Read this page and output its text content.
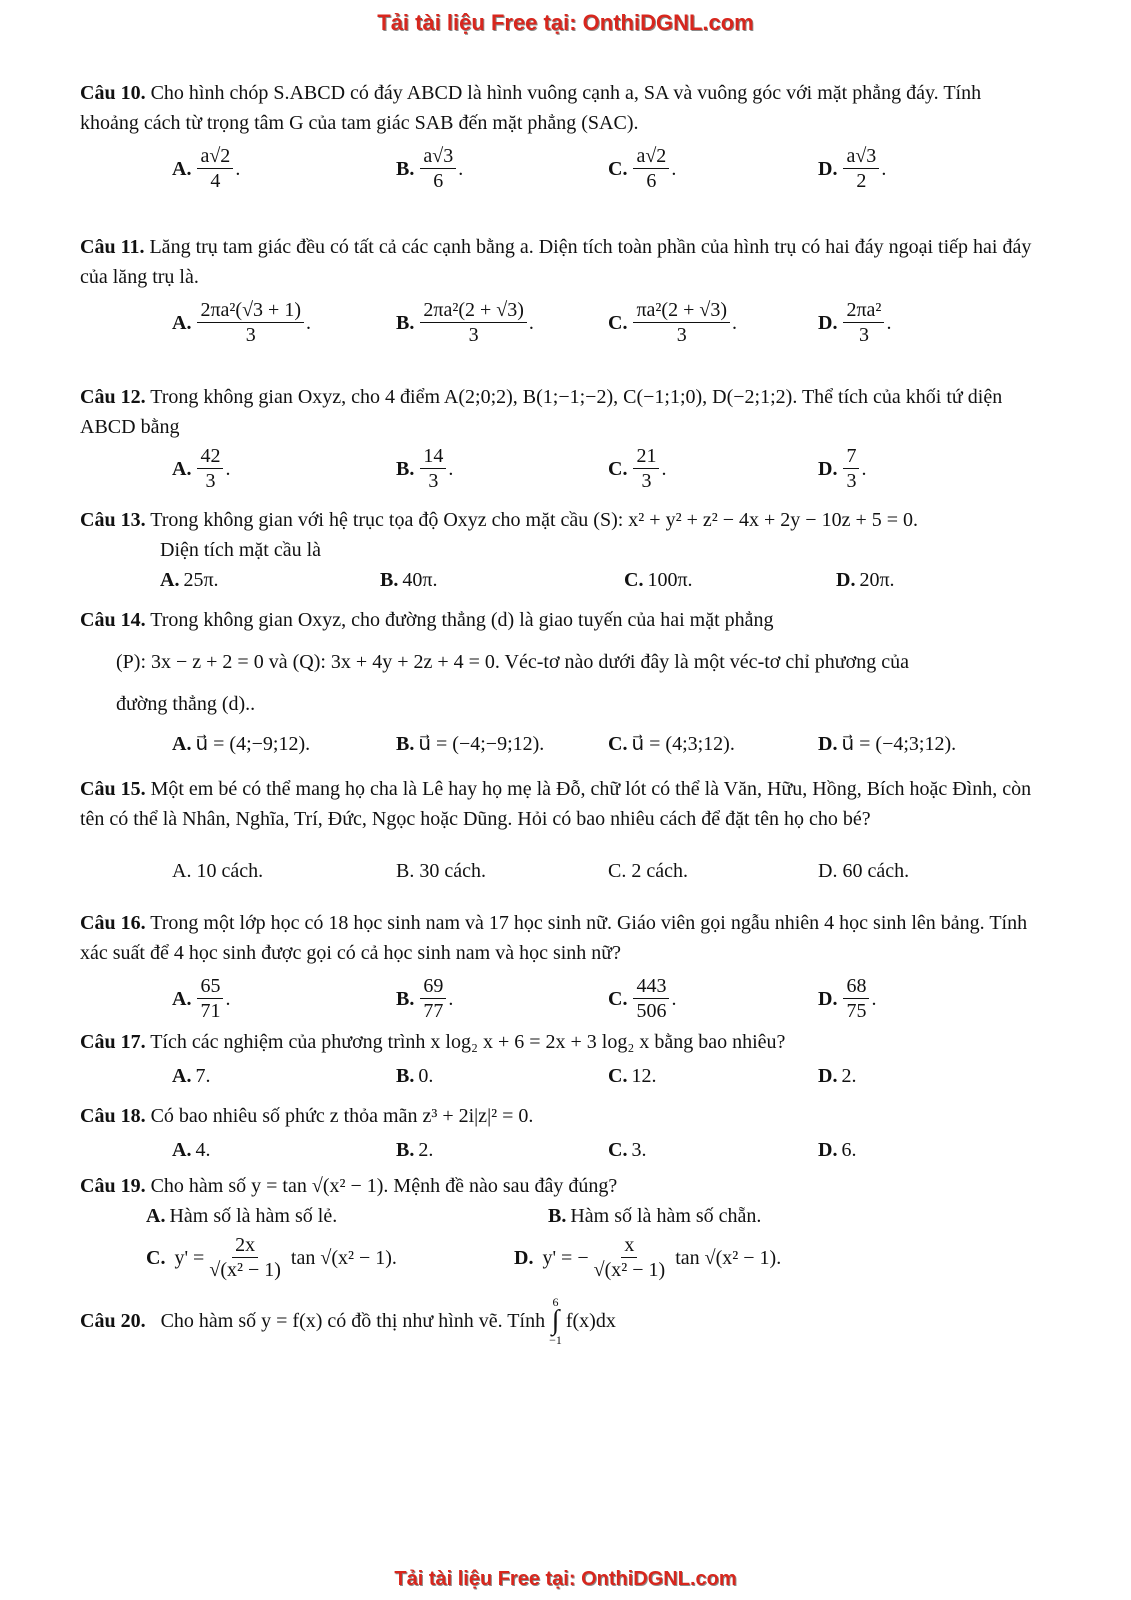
Tải tài liệu Free tại: OnthiDGNL.com

Câu 10. Cho hình chóp S.ABCD có đáy ABCD là hình vuông cạnh a, SA và vuông góc với mặt phẳng đáy. Tính khoảng cách từ trọng tâm G của tam giác SAB đến mặt phẳng (SAC).

A. $\frac{a√2}{4}$ .	B. $\frac{a√3}{6}$ .	C. $\frac{a√2}{6}$ .	D. $\frac{a√3}{2}$ .

Câu 11. Lăng trụ tam giác đều có tất cả các cạnh bằng a. Diện tích toàn phần của hình trụ có hai đáy ngoại tiếp hai đáy của lăng trụ là.

A. $\frac{\text{2πa²(√3 + 1)}}{3}$ .	B. $\frac{\text{2πa²(2 + √3)}}{3}$ .	C. $\frac{\text{πa²(2 + √3)}}{3}$ .	D. $\frac{\text{2πa²}}{3}$ .

Câu 12. Trong không gian Oxyz, cho 4 điểm A(2;0;2), B(1;−1;−2), C(−1;1;0), D(−2;1;2). Thể tích của khối tứ diện ABCD bằng

A. $\frac{42}{3}$ .	B. $\frac{14}{3}$ .	C. $\frac{21}{3}$ .	D. $\frac{7}{3}$ .

Câu 13. Trong không gian với hệ trục tọa độ Oxyz cho mặt cầu (S): x² + y² + z² − 4x + 2y − 10z + 5 = 0.

Diện tích mặt cầu là

A. 25π.	B. 40π.	C. 100π.	D. 20π.

Câu 14. Trong không gian Oxyz, cho đường thẳng (d) là giao tuyến của hai mặt phẳng

(P): 3x − z + 2 = 0 và (Q): 3x + 4y + 2z + 4 = 0. Véc-tơ nào dưới đây là một véc-tơ chỉ phương của

đường thẳng (d)..

A. u⃗ = (4;−9;12).	B. u⃗ = (−4;−9;12).	C. u⃗ = (4;3;12).	D. u⃗ = (−4;3;12).

Câu 15. Một em bé có thể mang họ cha là Lê hay họ mẹ là Đỗ, chữ lót có thể là Văn, Hữu, Hồng, Bích hoặc Đình, còn tên có thể là Nhân, Nghĩa, Trí, Đức, Ngọc hoặc Dũng. Hỏi có bao nhiêu cách để đặt tên họ cho bé?

A.
10 cách.	B.
30 cách.	C.
2 cách.	D.
60 cách.

Câu 16. Trong một lớp học có 18 học sinh nam và 17 học sinh nữ. Giáo viên gọi ngẫu nhiên 4 học sinh lên bảng. Tính xác suất để 4 học sinh được gọi có cả học sinh nam và học sinh nữ?

A. $\frac{65}{71}$ .	B. $\frac{69}{77}$ .	C. $\frac{443}{506}$ .	D. $\frac{68}{75}$ .

Câu 17. Tích các nghiệm của phương trình x log₂ x + 6 = 2x + 3 log₂ x bằng bao nhiêu?

A. 7.	B. 0.	C. 12.	D. 2.

Câu 18. Có bao nhiêu số phức z thỏa mãn z³ + 2i|z|² = 0.

A. 4.	B. 2.	C. 3.	D. 6.

Câu 19. Cho hàm số y = tan √(x² − 1). Mệnh đề nào sau đây đúng?

A. Hàm số là hàm số lẻ.	B. Hàm số là hàm số chẵn.
C.
$y' = \frac{2x}{\text{√(x² − 1)}}$
tan √(x² − 1).	D.
y' = − $\frac{x}{\text{√(x² − 1)}}$
tan √(x² − 1).

Câu 20.
Cho hàm số y = f(x) có đồ thị như hình vẽ. Tính
6
∫
−1
f(x)dx

Tải tài liệu Free tại: OnthiDGNL.com
